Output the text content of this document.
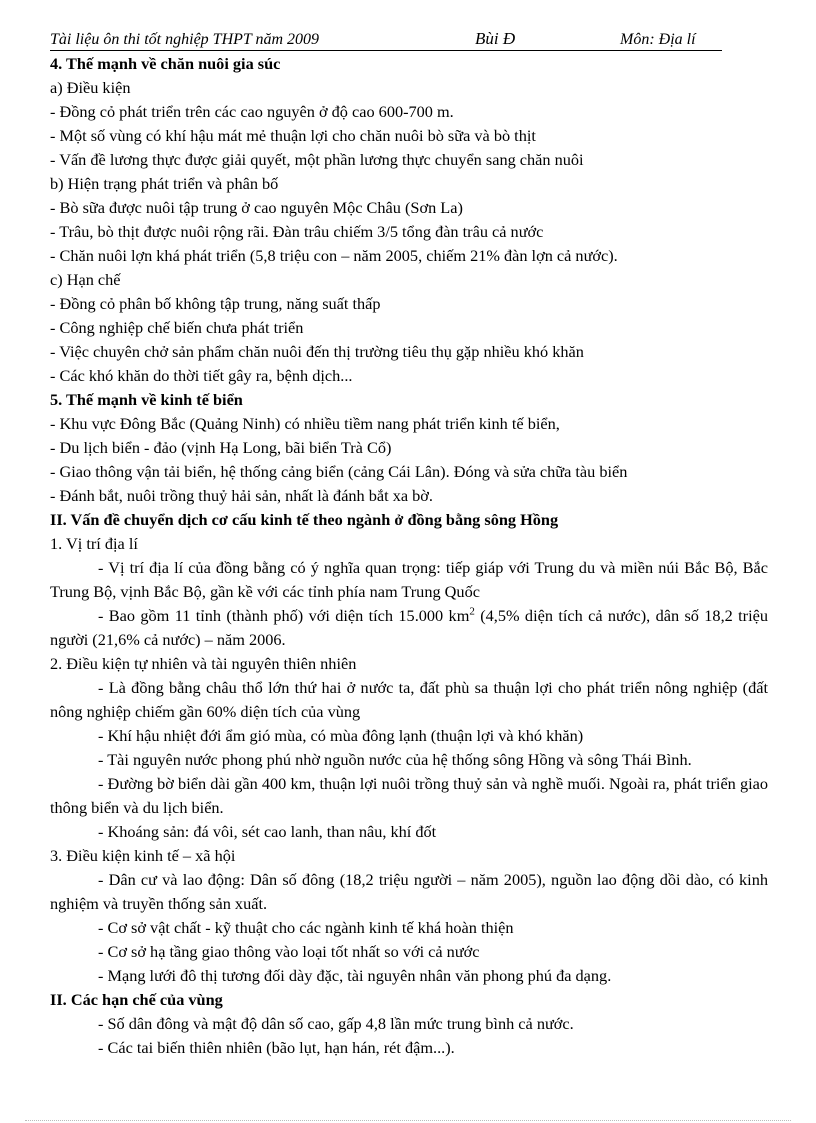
Tài liệu ôn thi tốt nghiệp THPT năm 2009	Bùi Đ	Môn: Địa lí
4. Thế mạnh về chăn nuôi gia súc
a) Điều kiện
- Đồng cỏ phát triển trên các cao nguyên ở độ cao 600-700 m.
- Một số vùng có khí hậu mát mẻ thuận lợi cho chăn nuôi bò sữa và bò thịt
- Vấn đề lương thực được giải quyết, một phần lương thực chuyển sang chăn nuôi
b) Hiện trạng phát triển và phân bố
- Bò sữa được nuôi tập trung ở cao nguyên Mộc Châu (Sơn La)
- Trâu, bò thịt được nuôi rộng rãi. Đàn trâu chiếm 3/5 tổng đàn trâu cả nước
- Chăn nuôi lợn khá phát triển (5,8 triệu con – năm 2005, chiếm 21% đàn lợn cả nước).
c) Hạn chế
- Đồng cỏ phân bố không tập trung, năng suất thấp
- Công nghiệp chế biến chưa phát triển
- Việc chuyên chở sản phẩm chăn nuôi đến thị trường tiêu thụ gặp nhiều khó khăn
- Các khó khăn do thời tiết gây ra, bệnh dịch...
5. Thế mạnh về kinh tế biển
- Khu vực Đông Bắc (Quảng Ninh) có nhiều tiềm nang phát triển kinh tế biển,
- Du lịch biển - đảo (vịnh Hạ Long, bãi biển Trà Cổ)
- Giao thông vận tải biển, hệ thống cảng biển (cảng Cái Lân). Đóng và sửa chữa tàu biển
- Đánh bắt, nuôi trồng thuỷ hải sản, nhất là đánh bắt xa bờ.
II. Vấn đề chuyển dịch cơ cấu kinh tế theo ngành ở đồng bằng sông Hồng
1. Vị trí địa lí
- Vị trí địa lí của đồng bằng có ý nghĩa quan trọng: tiếp giáp với Trung du và miền núi Bắc Bộ, Bắc Trung Bộ, vịnh Bắc Bộ, gần kề với các tỉnh phía nam Trung Quốc
- Bao gồm 11 tỉnh (thành phố) với diện tích 15.000 $km^2$ (4,5% diện tích cả nước), dân số 18,2 triệu người (21,6% cả nước) – năm 2006.
2. Điều kiện tự nhiên và tài nguyên thiên nhiên
- Là đồng bằng châu thổ lớn thứ hai ở nước ta, đất phù sa thuận lợi cho phát triển nông nghiệp (đất nông nghiệp chiếm gần 60% diện tích của vùng
- Khí hậu nhiệt đới ẩm gió mùa, có mùa đông lạnh (thuận lợi và khó khăn)
- Tài nguyên nước phong phú nhờ nguồn nước của hệ thống sông Hồng và sông Thái Bình.
- Đường bờ biển dài gần 400 km, thuận lợi nuôi trồng thuỷ sản và nghề muối. Ngoài ra, phát triển giao thông biển và du lịch biển.
- Khoáng sản: đá vôi, sét cao lanh, than nâu, khí đốt
3. Điều kiện kinh tế – xã hội
- Dân cư và lao động: Dân số đông (18,2 triệu người – năm 2005), nguồn lao động dồi dào, có kinh nghiệm và truyền thống sản xuất.
- Cơ sở vật chất - kỹ thuật cho các ngành kinh tế khá hoàn thiện
- Cơ sở hạ tầng giao thông vào loại tốt nhất so với cả nước
- Mạng lưới đô thị tương đối dày đặc, tài nguyên nhân văn phong phú đa dạng.
II. Các hạn chế của vùng
- Số dân đông và mật độ dân số cao, gấp 4,8 lần mức trung bình cả nước.
- Các tai biến thiên nhiên (bão lụt, hạn hán, rét đậm...).
